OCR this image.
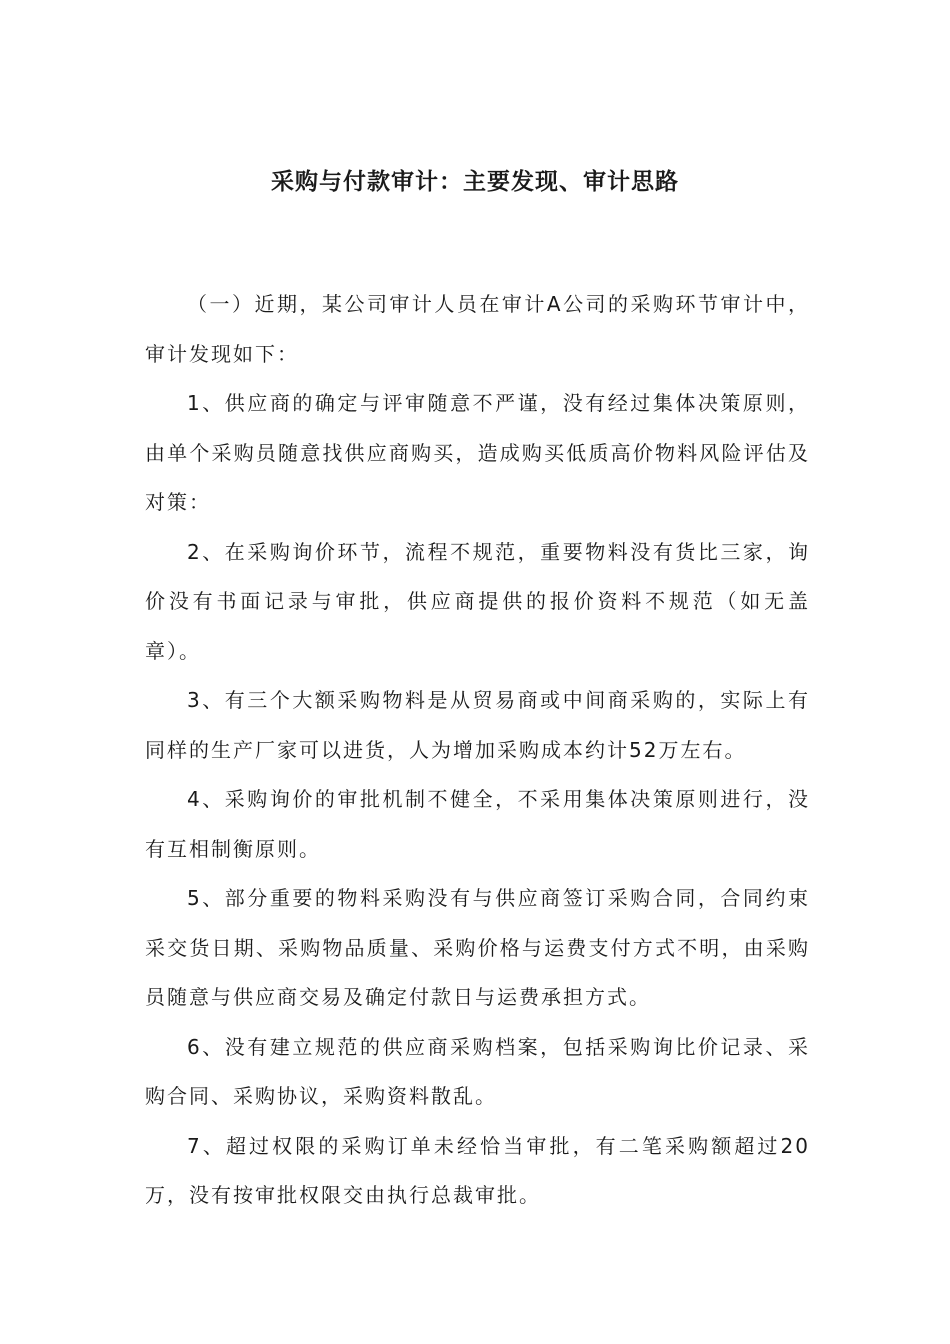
采购与付款审计：主要发现、审计思路

（一）近期，某公司审计人员在审计A公司的采购环节审计中，审计发现如下：

1、供应商的确定与评审随意不严谨，没有经过集体决策原则，由单个采购员随意找供应商购买，造成购买低质高价物料风险评估及对策：

2、在采购询价环节，流程不规范，重要物料没有货比三家，询价没有书面记录与审批，供应商提供的报价资料不规范（如无盖章）。

3、有三个大额采购物料是从贸易商或中间商采购的，实际上有同样的生产厂家可以进货，人为增加采购成本约计52万左右。

4、采购询价的审批机制不健全，不采用集体决策原则进行，没有互相制衡原则。

5、部分重要的物料采购没有与供应商签订采购合同，合同约束采交货日期、采购物品质量、采购价格与运费支付方式不明，由采购员随意与供应商交易及确定付款日与运费承担方式。

6、没有建立规范的供应商采购档案，包括采购询比价记录、采购合同、采购协议，采购资料散乱。

7、超过权限的采购订单未经恰当审批，有二笔采购额超过20万，没有按审批权限交由执行总裁审批。
